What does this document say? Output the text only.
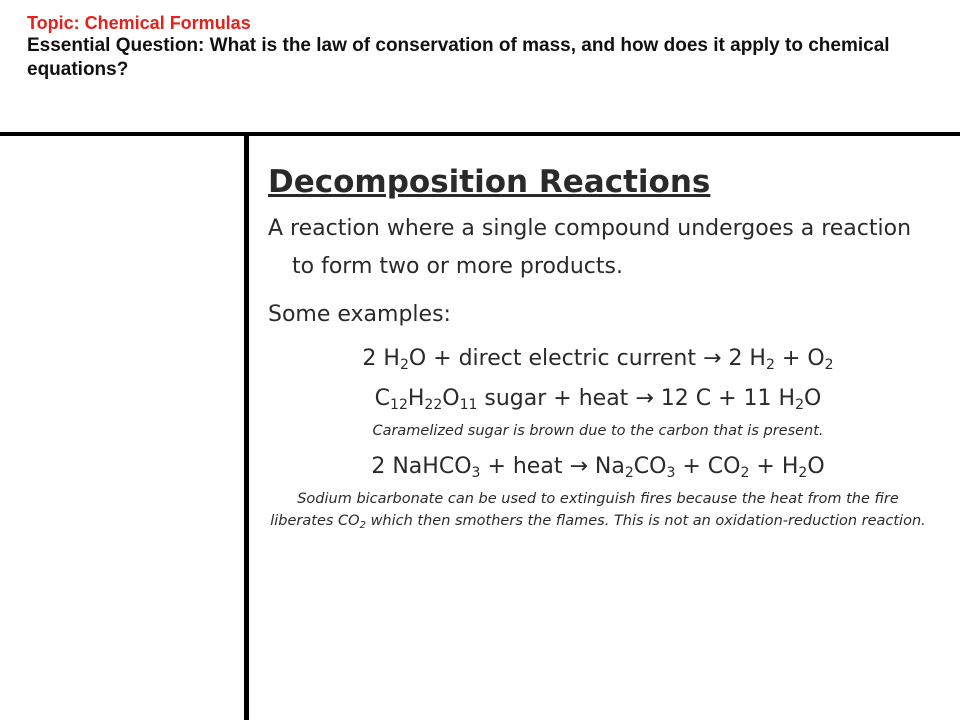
Topic: Chemical Formulas
Essential Question: What is the law of conservation of mass, and how does it apply to chemical equations?
Decomposition Reactions

A reaction where a single compound undergoes a reaction to form two or more products.

Some examples:

2 $H_2O$ + direct electric current → 2 $H_2 + O_2$

$C_{12}H_{22}O_{11}$ sugar + heat → 12 C + 11 $H_2O$

Caramelized sugar is brown due to the carbon that is present.

2 NaHCO$_3$ + heat → $Na_2CO_3 + CO_2 + H_2O$

Sodium bicarbonate can be used to extinguish fires because the heat from the fire liberates $CO_2$ which then smothers the flames. This is not an oxidation-reduction reaction.
